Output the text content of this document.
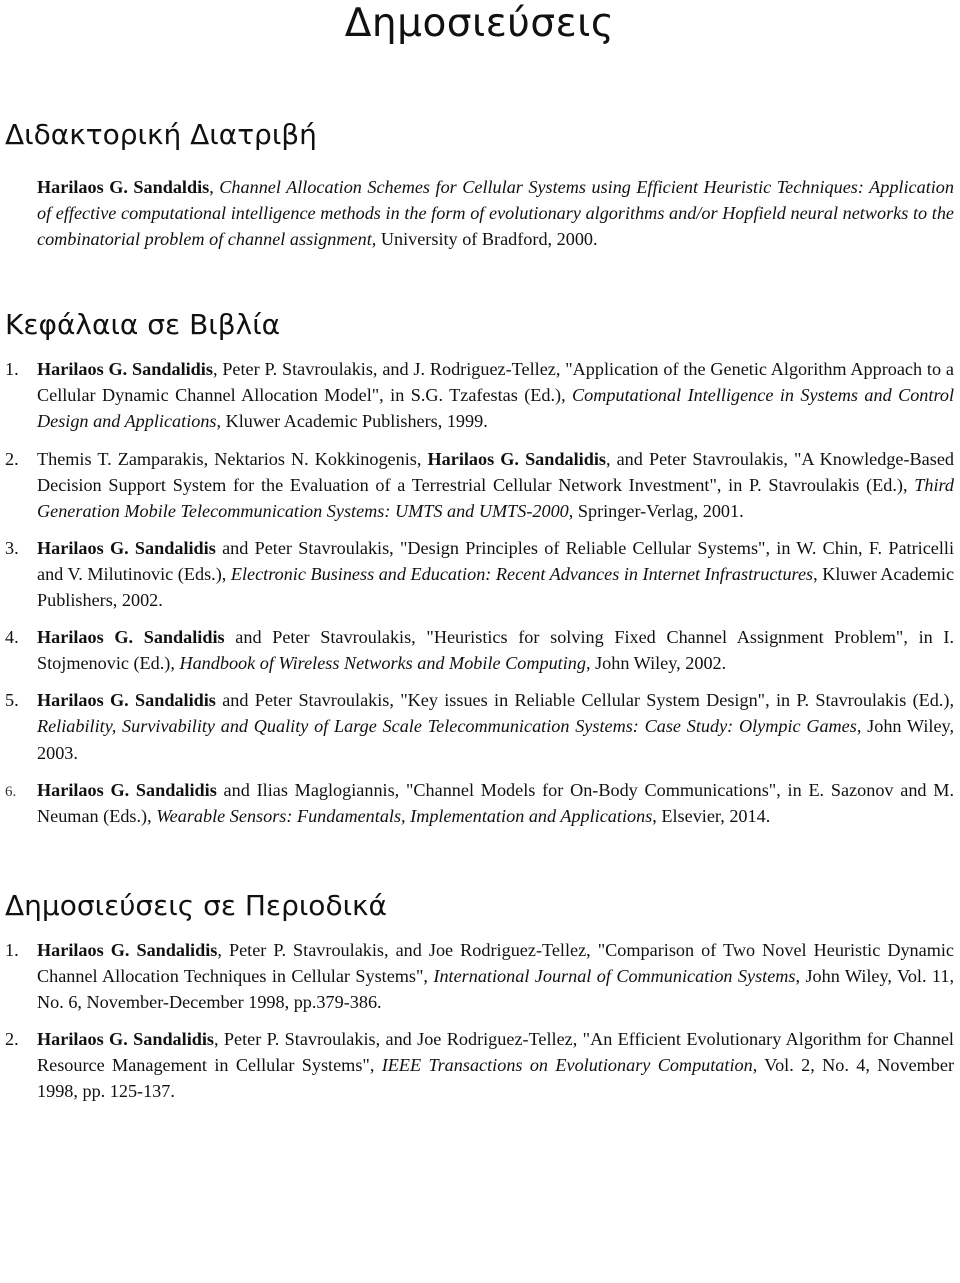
Δημοσιεύσεις
Διδακτορική Διατριβή

Harilaos G. Sandaldis, Channel Allocation Schemes for Cellular Systems using Efficient Heuristic Techniques: Application of effective computational intelligence methods in the form of evolutionary algorithms and/or Hopfield neural networks to the combinatorial problem of channel assignment, University of Bradford, 2000.

Κεφάλαια σε Βιβλία
1.	Harilaos G. Sandalidis, Peter P. Stavroulakis, and J. Rodriguez-Tellez, "Application of the Genetic Algorithm Approach to a Cellular Dynamic Channel Allocation Model", in S.G. Tzafestas (Ed.), Computational Intelligence in Systems and Control Design and Applications, Kluwer Academic Publishers, 1999.
2.	Themis T. Zamparakis, Nektarios N. Kokkinogenis, Harilaos G. Sandalidis, and Peter Stavroulakis, "A Knowledge-Based Decision Support System for the Evaluation of a Terrestrial Cellular Network Investment", in P. Stavroulakis (Ed.), Third Generation Mobile Telecommunication Systems: UMTS and UMTS-2000, Springer-Verlag, 2001.
3.	Harilaos G. Sandalidis and Peter Stavroulakis, "Design Principles of Reliable Cellular Systems", in W. Chin, F. Patricelli and V. Milutinovic (Eds.), Electronic Business and Education: Recent Advances in Internet Infrastructures, Kluwer Academic Publishers, 2002.
4.	Harilaos G. Sandalidis and Peter Stavroulakis, "Heuristics for solving Fixed Channel Assignment Problem", in I. Stojmenovic (Ed.), Handbook of Wireless Networks and Mobile Computing, John Wiley, 2002.
5.	Harilaos G. Sandalidis and Peter Stavroulakis, "Key issues in Reliable Cellular System Design", in P. Stavroulakis (Ed.), Reliability, Survivability and Quality of Large Scale Telecommunication Systems: Case Study: Olympic Games, John Wiley, 2003.
6.	Harilaos G. Sandalidis and Ilias Maglogiannis, "Channel Models for On-Body Communications", in E. Sazonov and M. Neuman (Eds.), Wearable Sensors: Fundamentals, Implementation and Applications, Elsevier, 2014.
Δημοσιεύσεις σε Περιοδικά
1.	Harilaos G. Sandalidis, Peter P. Stavroulakis, and Joe Rodriguez-Tellez, "Comparison of Two Novel Heuristic Dynamic Channel Allocation Techniques in Cellular Systems", International Journal of Communication Systems, John Wiley, Vol. 11, No. 6, November-December 1998, pp.379-386.
2.	Harilaos G. Sandalidis, Peter P. Stavroulakis, and Joe Rodriguez-Tellez, "An Efficient Evolutionary Algorithm for Channel Resource Management in Cellular Systems", IEEE Transactions on Evolutionary Computation, Vol. 2, No. 4, November 1998, pp. 125-137.
